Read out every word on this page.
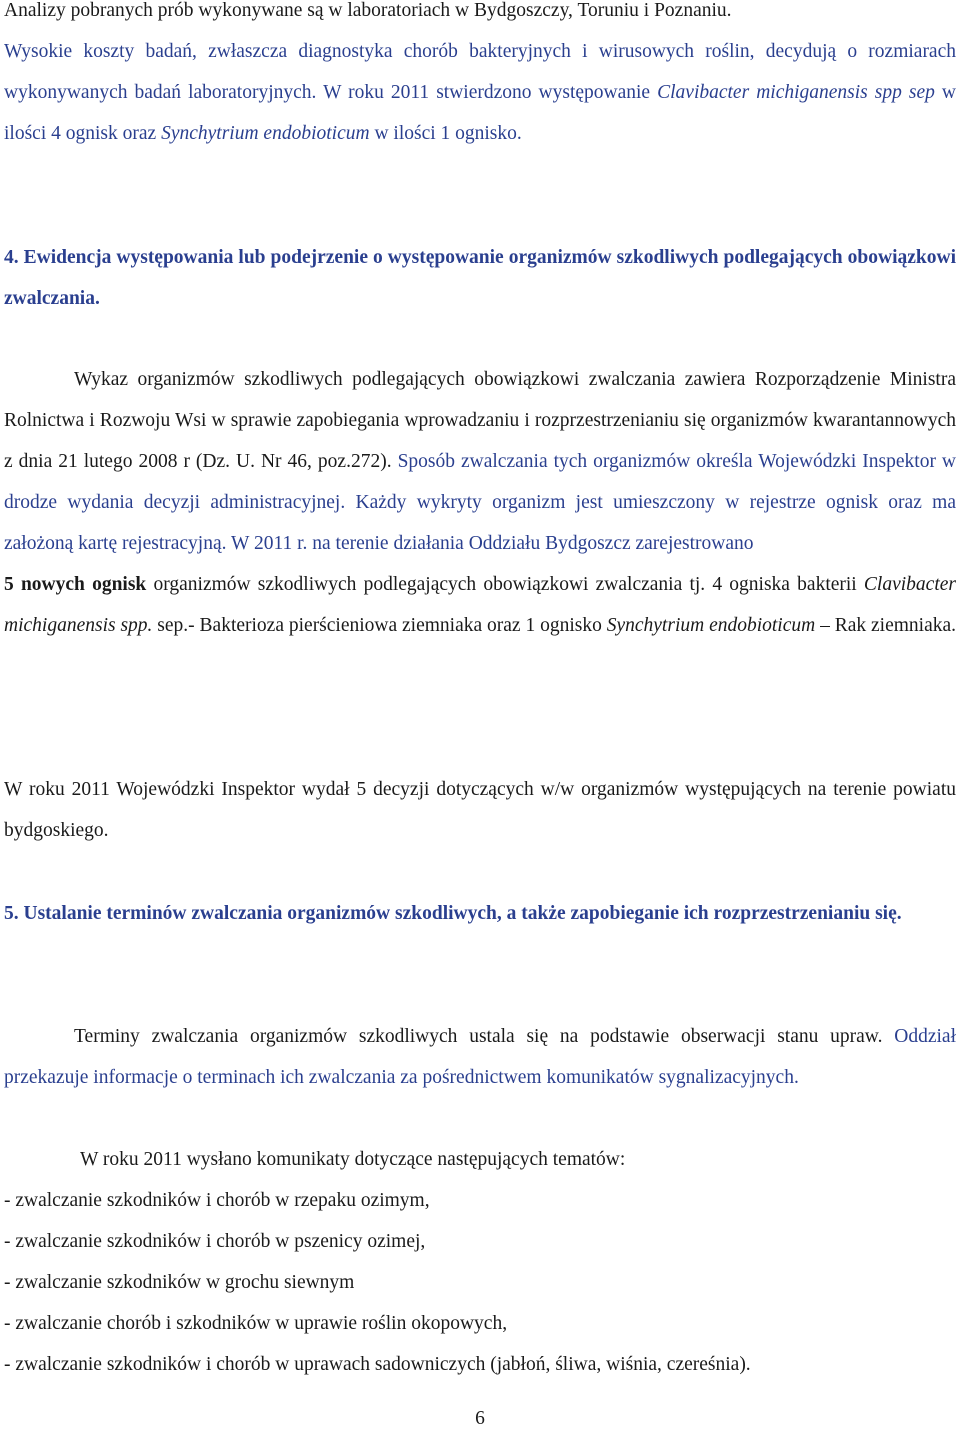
Analizy pobranych prób wykonywane są w laboratoriach w Bydgoszczy, Toruniu i Poznaniu.
Wysokie koszty badań, zwłaszcza diagnostyka chorób bakteryjnych i wirusowych roślin, decydują o rozmiarach wykonywanych badań laboratoryjnych. W roku 2011 stwierdzono występowanie Clavibacter michiganensis spp sep w ilości 4 ognisk oraz Synchytrium endobioticum w ilości 1 ognisko.

4. Ewidencja występowania lub podejrzenie o występowanie organizmów szkodliwych podlegających obowiązkowi zwalczania.

Wykaz organizmów szkodliwych podlegających obowiązkowi zwalczania zawiera Rozporządzenie Ministra Rolnictwa i Rozwoju Wsi w sprawie zapobiegania wprowadzaniu i rozprzestrzenianiu się organizmów kwarantannowych z dnia 21 lutego 2008 r (Dz. U. Nr 46, poz.272). Sposób zwalczania tych organizmów określa Wojewódzki Inspektor w drodze wydania decyzji administracyjnej. Każdy wykryty organizm jest umieszczony w rejestrze ognisk oraz ma założoną kartę rejestracyjną. W 2011 r. na terenie działania Oddziału Bydgoszcz zarejestrowano
5 nowych ognisk organizmów szkodliwych podlegających obowiązkowi zwalczania tj. 4 ogniska bakterii Clavibacter michiganensis spp. sep.- Bakterioza pierścieniowa ziemniaka oraz 1 ognisko Synchytrium endobioticum – Rak ziemniaka.

W roku 2011 Wojewódzki Inspektor wydał 5 decyzji dotyczących w/w organizmów występujących na terenie powiatu bydgoskiego.

5. Ustalanie terminów zwalczania organizmów szkodliwych, a także zapobieganie ich rozprzestrzenianiu się.

Terminy zwalczania organizmów szkodliwych ustala się na podstawie obserwacji stanu upraw. Oddział przekazuje informacje o terminach ich zwalczania za pośrednictwem komunikatów sygnalizacyjnych.

W roku 2011 wysłano komunikaty dotyczące następujących tematów:

- zwalczanie szkodników i chorób w rzepaku ozimym,
- zwalczanie szkodników i chorób w pszenicy ozimej,
- zwalczanie szkodników w grochu siewnym
- zwalczanie chorób i szkodników w uprawie roślin okopowych,
- zwalczanie szkodników i chorób w uprawach sadowniczych (jabłoń, śliwa, wiśnia, czereśnia).
6
